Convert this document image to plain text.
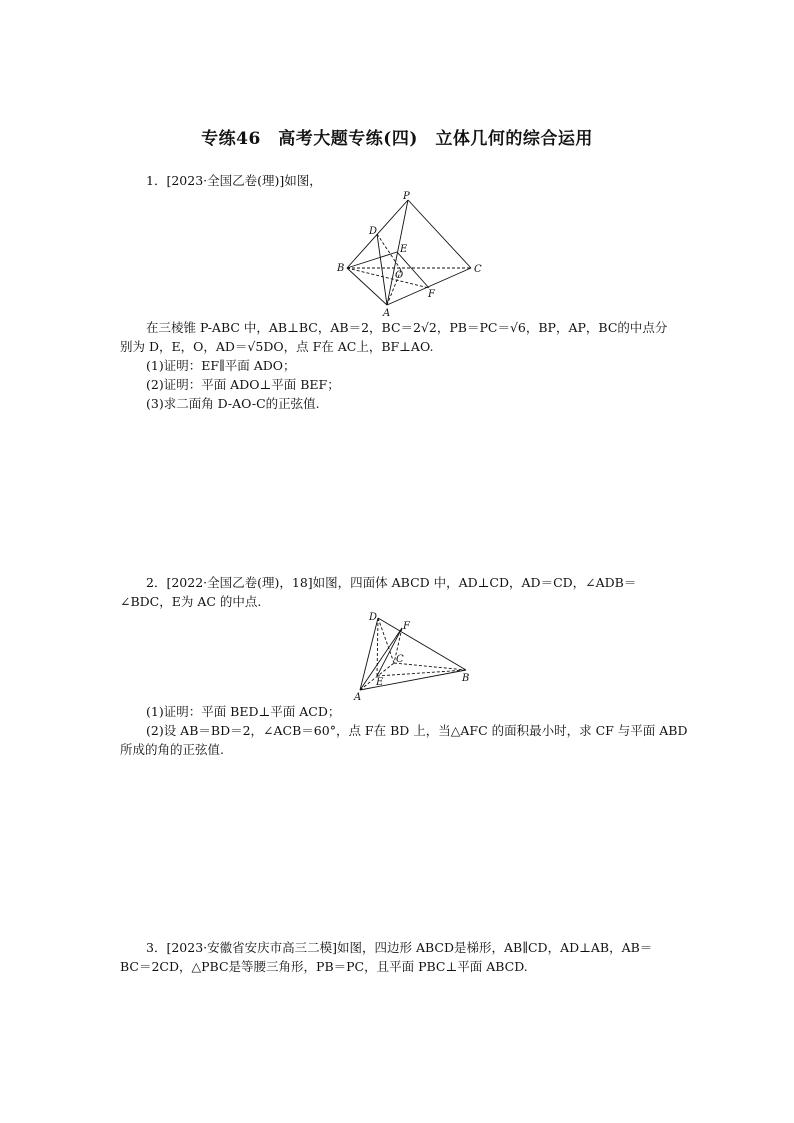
专练46　高考大题专练(四)　立体几何的综合运用
1．[2023·全国乙卷(理)]如图，
P
D
E
B
O
C
F
A
在三棱锥 P-ABC 中，AB⊥BC，AB＝2，BC＝2√2，PB＝PC＝√6，BP，AP，BC的中点分
别为 D，E，O，AD＝√5DO，点 F在 AC上，BF⊥AO.
(1)证明：EF∥平面 ADO；
(2)证明：平面 ADO⊥平面 BEF；
(3)求二面角 D-AO-C的正弦值.
2．[2022·全国乙卷(理)，18]如图，四面体 ABCD 中，AD⊥CD，AD＝CD，∠ADB＝
∠BDC，E为 AC 的中点.
D
F
C
E	B
A
(1)证明：平面 BED⊥平面 ACD；
(2)设 AB＝BD＝2，∠ACB＝60°，点 F在 BD 上，当△AFC 的面积最小时，求 CF 与平面 ABD
所成的角的正弦值.
3．[2023·安徽省安庆市高三二模]如图，四边形 ABCD是梯形，AB∥CD，AD⊥AB，AB＝
BC＝2CD，△PBC是等腰三角形，PB＝PC，且平面 PBC⊥平面 ABCD.
